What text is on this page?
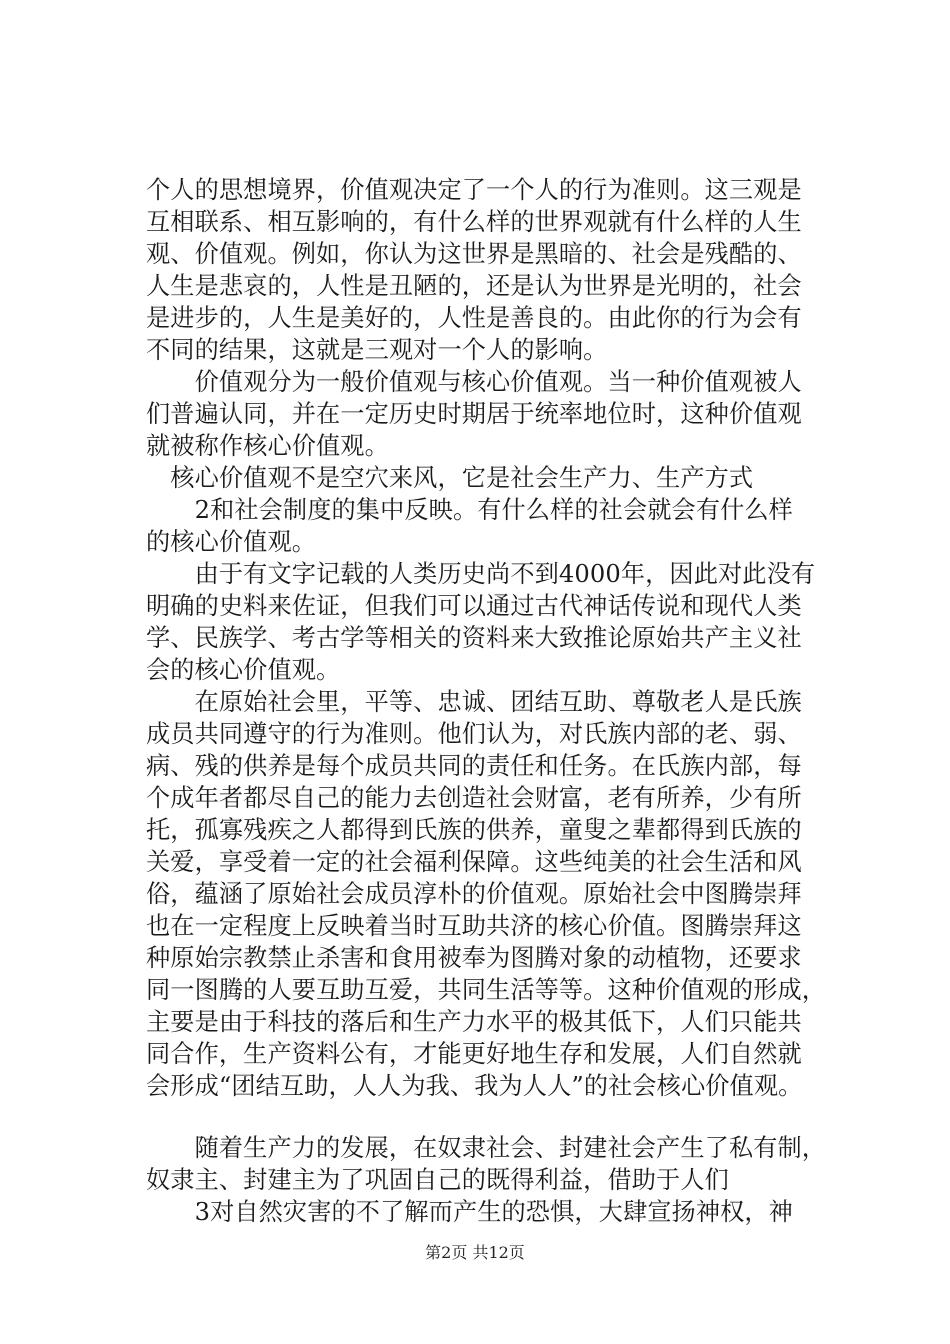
个人的思想境界，价值观决定了一个人的行为准则。这三观是
互相联系、相互影响的，有什么样的世界观就有什么样的人生
观、价值观。例如，你认为这世界是黑暗的、社会是残酷的、
人生是悲哀的，人性是丑陋的，还是认为世界是光明的，社会
是进步的，人生是美好的，人性是善良的。由此你的行为会有
不同的结果，这就是三观对一个人的影响。
　　价值观分为一般价值观与核心价值观。当一种价值观被人
们普遍认同，并在一定历史时期居于统率地位时，这种价值观
就被称作核心价值观。
　核心价值观不是空穴来风，它是社会生产力、生产方式
　　2和社会制度的集中反映。有什么样的社会就会有什么样
的核心价值观。
　　由于有文字记载的人类历史尚不到4000年，因此对此没有
明确的史料来佐证，但我们可以通过古代神话传说和现代人类
学、民族学、考古学等相关的资料来大致推论原始共产主义社
会的核心价值观。
　　在原始社会里，平等、忠诚、团结互助、尊敬老人是氏族
成员共同遵守的行为准则。他们认为，对氏族内部的老、弱、
病、残的供养是每个成员共同的责任和任务。在氏族内部，每
个成年者都尽自己的能力去创造社会财富，老有所养，少有所
托，孤寡残疾之人都得到氏族的供养，童叟之辈都得到氏族的
关爱，享受着一定的社会福利保障。这些纯美的社会生活和风
俗，蕴涵了原始社会成员淳朴的价值观。原始社会中图腾崇拜
也在一定程度上反映着当时互助共济的核心价值。图腾崇拜这
种原始宗教禁止杀害和食用被奉为图腾对象的动植物，还要求
同一图腾的人要互助互爱，共同生活等等。这种价值观的形成，
主要是由于科技的落后和生产力水平的极其低下，人们只能共
同合作，生产资料公有，才能更好地生存和发展，人们自然就
会形成“团结互助，人人为我、我为人人”的社会核心价值观。
　　随着生产力的发展，在奴隶社会、封建社会产生了私有制，
奴隶主、封建主为了巩固自己的既得利益，借助于人们
　　3对自然灾害的不了解而产生的恐惧，大肆宣扬神权，神
第2页 共12页
